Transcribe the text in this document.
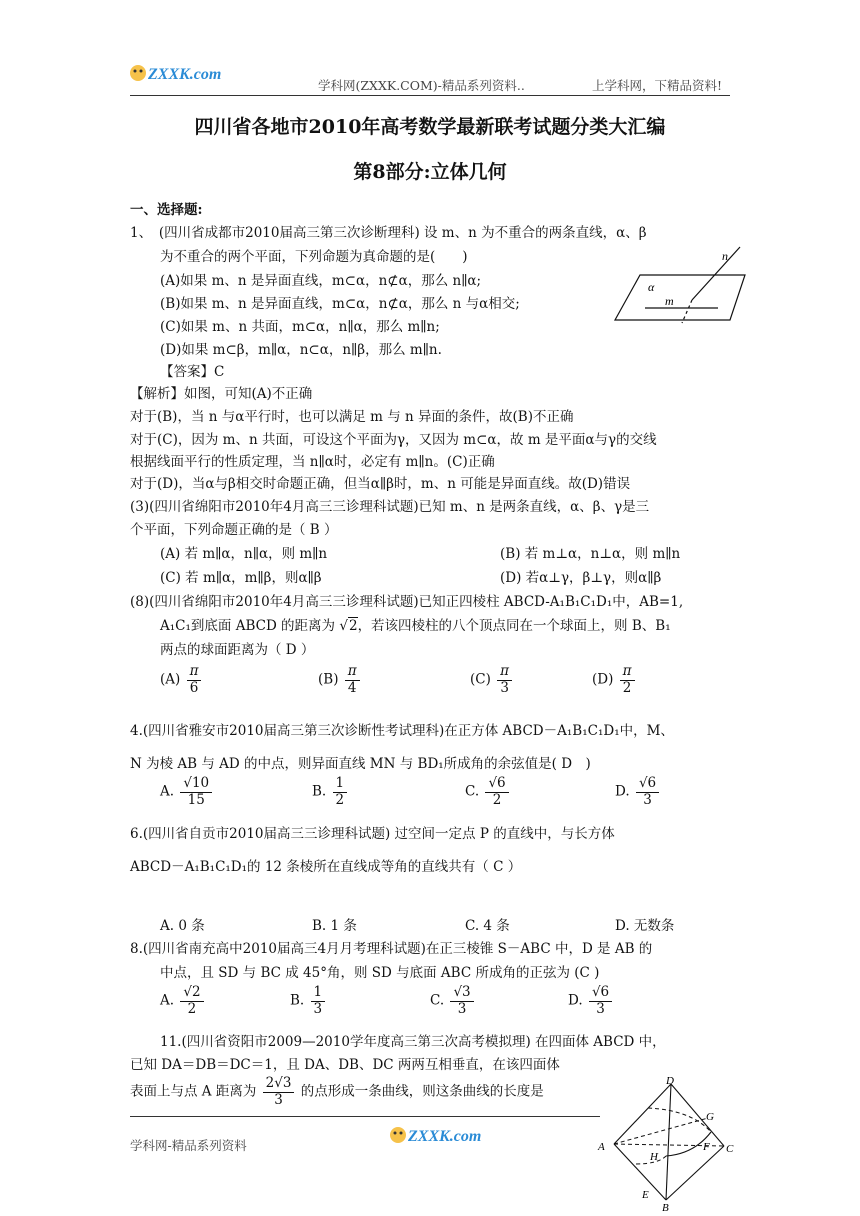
ZXXK.com
学科网(ZXXK.COM)-精品系列资料..	上学科网，下精品资料!
四川省各地市2010年高考数学最新联考试题分类大汇编
第8部分:立体几何
一、选择题:
1、　(四川省成都市2010届高三第三次诊断理科) 设 m、n 为不重合的两条直线，α、β
为不重合的两个平面，下列命题为真命题的是(　　)
(A)如果 m、n 是异面直线，m⊂α，n⊄α，那么 n∥α;
(B)如果 m、n 是异面直线，m⊂α，n⊄α，那么 n 与α相交;
(C)如果 m、n 共面，m⊂α，n∥α，那么 m∥n;
(D)如果 m⊂β，m∥α，n⊂α，n∥β，那么 m∥n.
【答案】C
n
α
m
【解析】如图，可知(A)不正确
对于(B)，当 n 与α平行时，也可以满足 m 与 n 异面的条件，故(B)不正确
对于(C)，因为 m、n 共面，可设这个平面为γ，又因为 m⊂α，故 m 是平面α与γ的交线
根据线面平行的性质定理，当 n∥α时，必定有 m∥n。(C)正确
对于(D)，当α与β相交时命题正确，但当α∥β时，m、n 可能是异面直线。故(D)错误
(3)(四川省绵阳市2010年4月高三三诊理科试题)已知 m、n 是两条直线，α、β、γ是三
个平面，下列命题正确的是（ B ）
(A) 若 m∥α，n∥α，则 m∥n	(B) 若 m⊥α，n⊥α，则 m∥n
(C) 若 m∥α，m∥β，则α∥β	(D) 若α⊥γ，β⊥γ，则α∥β
(8)(四川省绵阳市2010年4月高三三诊理科试题)已知正四棱柱 ABCD-A₁B₁C₁D₁中，AB=1,
A₁C₁到底面 ABCD 的距离为 √2，若该四棱柱的八个顶点同在一个球面上，则 B、B₁
两点的球面距离为（ D ）
$(A) \frac{\pi}{6}$	$(B) \frac{\pi}{4}$	$(C) \frac{\pi}{3}$	$(D) \frac{\pi}{2}$
4.(四川省雅安市2010届高三第三次诊断性考试理科)在正方体 ABCD－A₁B₁C₁D₁中，M、
N 为棱 AB 与 AD 的中点，则异面直线 MN 与 BD₁所成角的余弦值是( D　)
A. $\frac{√10}{15}$	B. $\frac{1}{2}$	C. $\frac{√6}{2}$	D. $\frac{√6}{3}$
6.(四川省自贡市2010届高三三诊理科试题) 过空间一定点 P 的直线中，与长方体
ABCD－A₁B₁C₁D₁的 12 条棱所在直线成等角的直线共有（ C ）
A. 0 条	B. 1 条	C. 4 条	D. 无数条
8.(四川省南充高中2010届高三4月月考理科试题)在正三棱锥 S－ABC 中，D 是 AB 的
中点，且 SD 与 BC 成 45°角，则 SD 与底面 ABC 所成角的正弦为 (C )
A. $\frac{√2}{2}$	B. $\frac{1}{3}$	C. $\frac{√3}{3}$	D. $\frac{√6}{3}$
11.(四川省资阳市2009—2010学年度高三第三次高考模拟理) 在四面体 ABCD 中，
已知 DA＝DB＝DC＝1，且 DA、DB、DC 两两互相垂直，在该四面体
表面上与点 A 距离为 $\frac{2√3}{3}$ 的点形成一条曲线，则这条曲线的长度是
D
G
A	F C
H
E
B
学科网-精品系列资料
ZXXK.com
